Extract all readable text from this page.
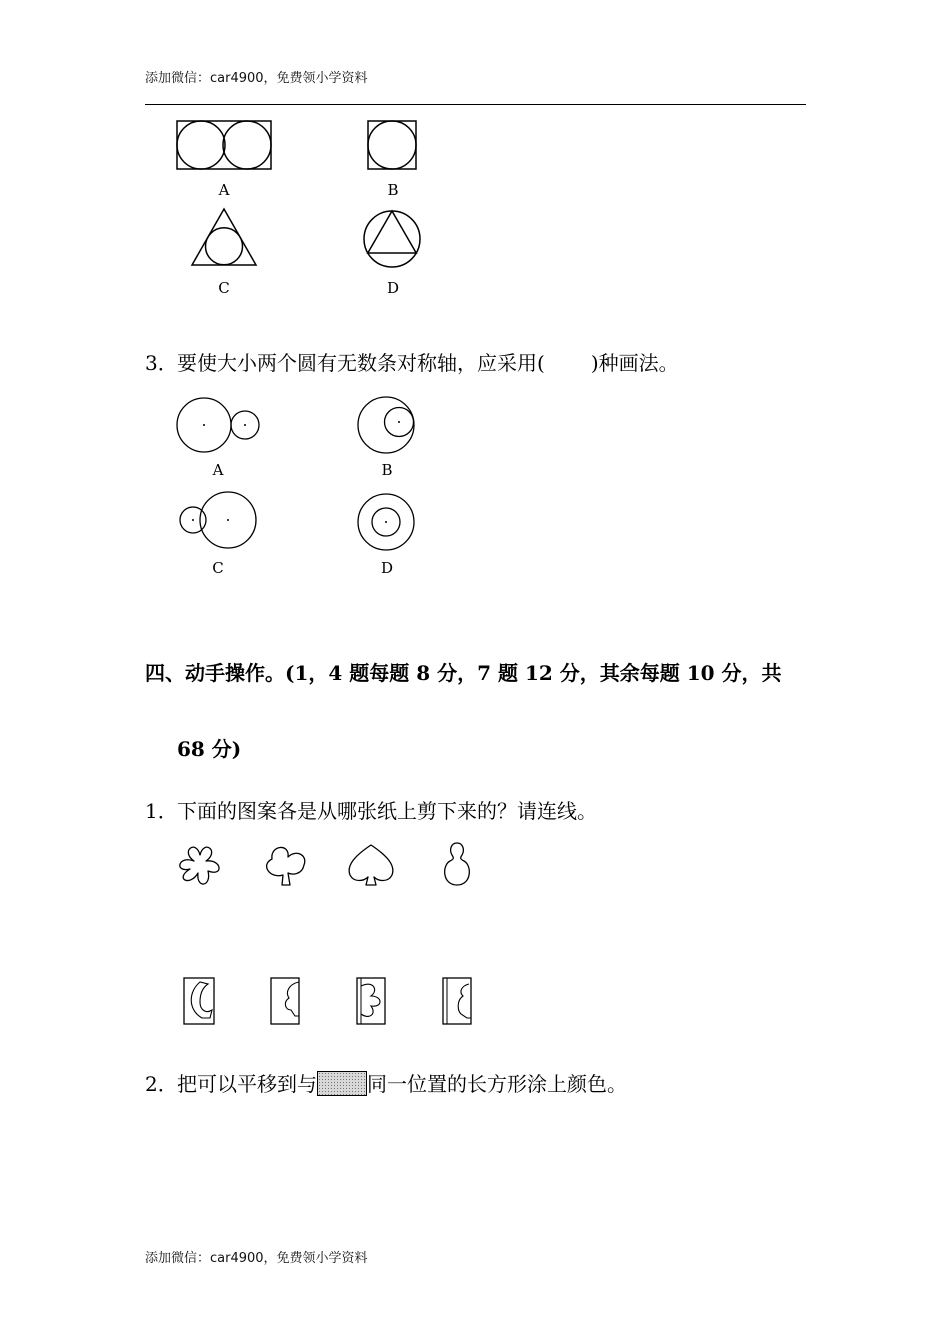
添加微信：car4900，免费领小学资料
A	B
C	D
3．要使大小两个圆有无数条对称轴，应采用( )种画法。
A	B
C	D
四、动手操作。(1，4 题每题 8 分，7 题 12 分，其余每题 10 分，共
68 分)
1．下面的图案各是从哪张纸上剪下来的？请连线。
2．把可以平移到与	同一位置的长方形涂上颜色。
添加微信：car4900，免费领小学资料
